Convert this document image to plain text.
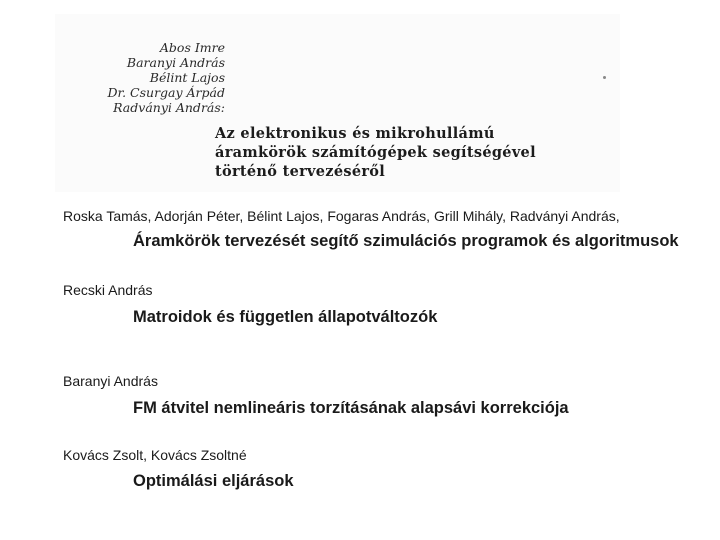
Abos Imre
Baranyi András
Bélint Lajos
Dr. Csurgay Árpád
Radványi András:
Az elektronikus és mikrohullámú
áramkörök számítógépek segítségével
történő tervezéséről
Roska Tamás, Adorján Péter, Bélint Lajos, Fogaras András, Grill Mihály, Radványi András,
Áramkörök tervezését segítő szimulációs programok és algoritmusok
Recski András
Matroidok és független állapotváltozók
Baranyi András
FM átvitel nemlineáris torzításának alapsávi korrekciója
Kovács Zsolt, Kovács Zsoltné
Optimálási eljárások
